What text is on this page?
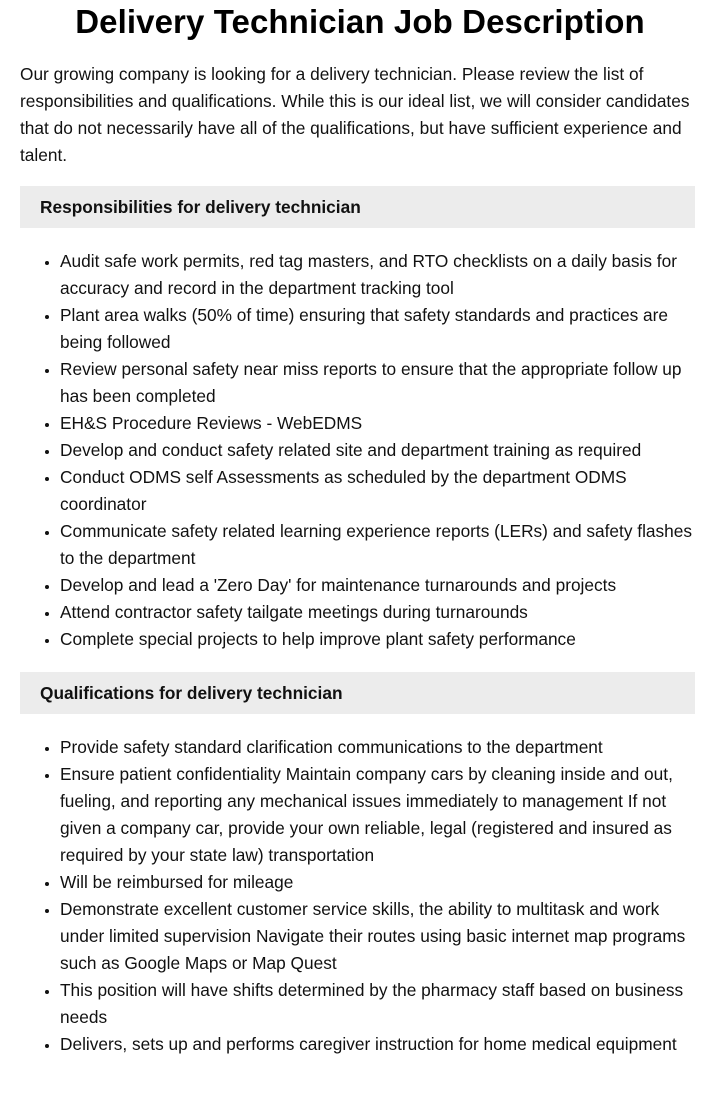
Delivery Technician Job Description

Our growing company is looking for a delivery technician. Please review the list of responsibilities and qualifications. While this is our ideal list, we will consider candidates that do not necessarily have all of the qualifications, but have sufficient experience and talent.

Responsibilities for delivery technician
• Audit safe work permits, red tag masters, and RTO checklists on a daily basis for accuracy and record in the department tracking tool
• Plant area walks (50% of time) ensuring that safety standards and practices are being followed
• Review personal safety near miss reports to ensure that the appropriate follow up has been completed
• EH&S Procedure Reviews - WebEDMS
• Develop and conduct safety related site and department training as required
• Conduct ODMS self Assessments as scheduled by the department ODMS coordinator
• Communicate safety related learning experience reports (LERs) and safety flashes to the department
• Develop and lead a 'Zero Day' for maintenance turnarounds and projects
• Attend contractor safety tailgate meetings during turnarounds
• Complete special projects to help improve plant safety performance
Qualifications for delivery technician
• Provide safety standard clarification communications to the department
• Ensure patient confidentiality Maintain company cars by cleaning inside and out, fueling, and reporting any mechanical issues immediately to management If not given a company car, provide your own reliable, legal (registered and insured as required by your state law) transportation
• Will be reimbursed for mileage
• Demonstrate excellent customer service skills, the ability to multitask and work under limited supervision Navigate their routes using basic internet map programs such as Google Maps or Map Quest
• This position will have shifts determined by the pharmacy staff based on business needs
• Delivers, sets up and performs caregiver instruction for home medical equipment
